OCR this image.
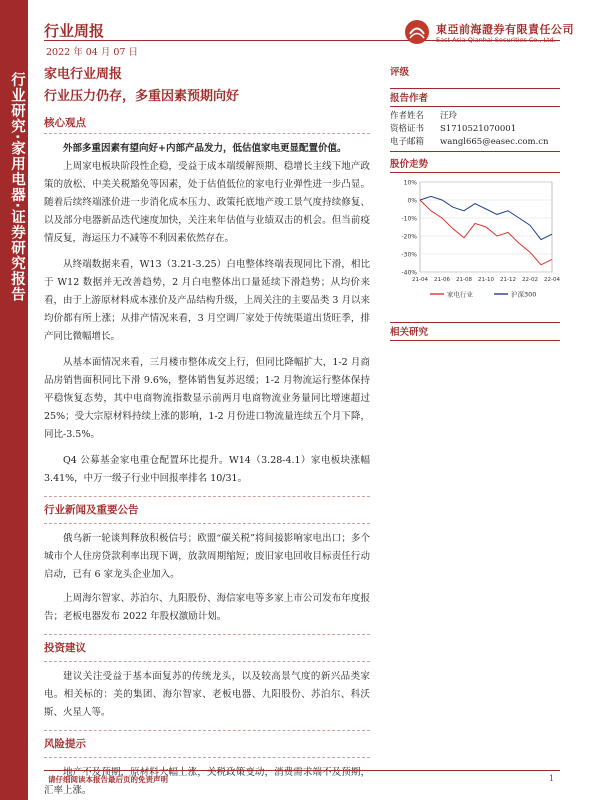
行业研究·家用电器·证券研究报告
行业周报
2022 年 04 月 07 日
東亞前海證券有限責任公司
East Asia Qianhai Securities Co., Ltd.
家电行业周报
行业压力仍存，多重因素预期向好
核心观点

外部多重因素有望向好+内部产品发力，低估值家电更显配置价值。

上周家电板块阶段性企稳，受益于成本端缓解预期、稳增长主线下地产政策的放松、中美关税豁免等因素，处于估值低位的家电行业弹性进一步凸显。随着后续终端涨价进一步消化成本压力、政策托底地产竣工景气度持续修复、以及部分电器新品迭代速度加快，关注来年估值与业绩双击的机会。但当前疫情反复，海运压力不减等不利因素依然存在。

从终端数据来看，W13（3.21-3.25）白电整体终端表现同比下滑，相比于 W12 数据并无改善趋势，2 月白电整体出口量延续下滑趋势；从均价来看，由于上游原材料成本涨价及产品结构升级，上周关注的主要品类 3 月以来均价都有所上涨；从排产情况来看，3 月空调厂家处于传统渠道出货旺季，排产同比微幅增长。

从基本面情况来看，三月楼市整体成交上行，但同比降幅扩大，1-2 月商品房销售面积同比下滑 9.6%，整体销售复苏迟缓；1-2 月物流运行整体保持平稳恢复态势，其中电商物流指数显示前两月电商物流业务量同比增速超过 25%；受大宗原材料持续上涨的影响，1-2 月份进口物流量连续五个月下降，同比-3.5%。

Q4 公募基金家电重仓配置环比提升。W14（3.28-4.1）家电板块涨幅 3.41%，中万一级子行业中回报率排名 10/31。

行业新闻及重要公告

俄乌新一轮谈判释放积极信号；欧盟“碳关税”将间接影响家电出口；多个城市个人住房贷款利率出现下调，放款周期缩短；废旧家电回收目标责任行动启动，已有 6 家龙头企业加入。

上周海尔智家、苏泊尔、九阳股份、海信家电等多家上市公司发布年度报告；老板电器发布 2022 年股权激励计划。

投资建议

建议关注受益于基本面复苏的传统龙头，以及较高景气度的新兴品类家电。相关标的：美的集团、海尔智家、老板电器、九阳股份、苏泊尔、科沃斯、火星人等。

风险提示

地产不及预期，原材料大幅上涨，关税政策变动，消费需求端不及预期，汇率上涨。

评级
报告作者
作者姓名	汪玲
资格证书	S1710521070001
电子邮箱	wangl665@easec.com.cn
股价走势
10%
0%
-10%
-20%
-30%
-40%
21-04 21-06 21-08 21-10 21-12 22-02 22-04
家电行业	沪深300
相关研究
请仔细阅读本报告最后页的免责声明	1
